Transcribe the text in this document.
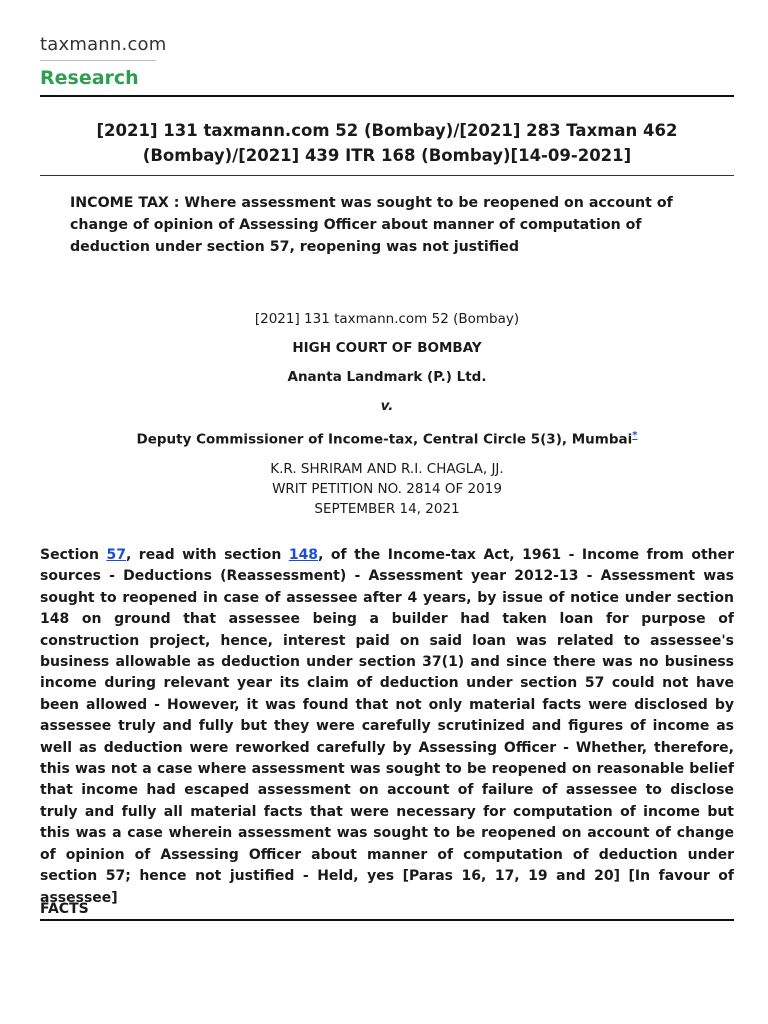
taxmann.com
Research
[2021] 131 taxmann.com 52 (Bombay)/[2021] 283 Taxman 462 (Bombay)/[2021] 439 ITR 168 (Bombay)[14-09-2021]
INCOME TAX : Where assessment was sought to be reopened on account of change of opinion of Assessing Officer about manner of computation of deduction under section 57, reopening was not justified
[2021] 131 taxmann.com 52 (Bombay)
HIGH COURT OF BOMBAY
Ananta Landmark (P.) Ltd.
v.
Deputy Commissioner of Income-tax, Central Circle 5(3), Mumbai*
K.R. SHRIRAM AND R.I. CHAGLA, JJ.
WRIT PETITION NO. 2814 OF 2019
SEPTEMBER 14, 2021
Section 57, read with section 148, of the Income-tax Act, 1961 - Income from other sources - Deductions (Reassessment) - Assessment year 2012-13 - Assessment was sought to reopened in case of assessee after 4 years, by issue of notice under section 148 on ground that assessee being a builder had taken loan for purpose of construction project, hence, interest paid on said loan was related to assessee's business allowable as deduction under section 37(1) and since there was no business income during relevant year its claim of deduction under section 57 could not have been allowed - However, it was found that not only material facts were disclosed by assessee truly and fully but they were carefully scrutinized and figures of income as well as deduction were reworked carefully by Assessing Officer - Whether, therefore, this was not a case where assessment was sought to be reopened on reasonable belief that income had escaped assessment on account of failure of assessee to disclose truly and fully all material facts that were necessary for computation of income but this was a case wherein assessment was sought to be reopened on account of change of opinion of Assessing Officer about manner of computation of deduction under section 57; hence not justified - Held, yes [Paras 16, 17, 19 and 20] [In favour of assessee]
FACTS
